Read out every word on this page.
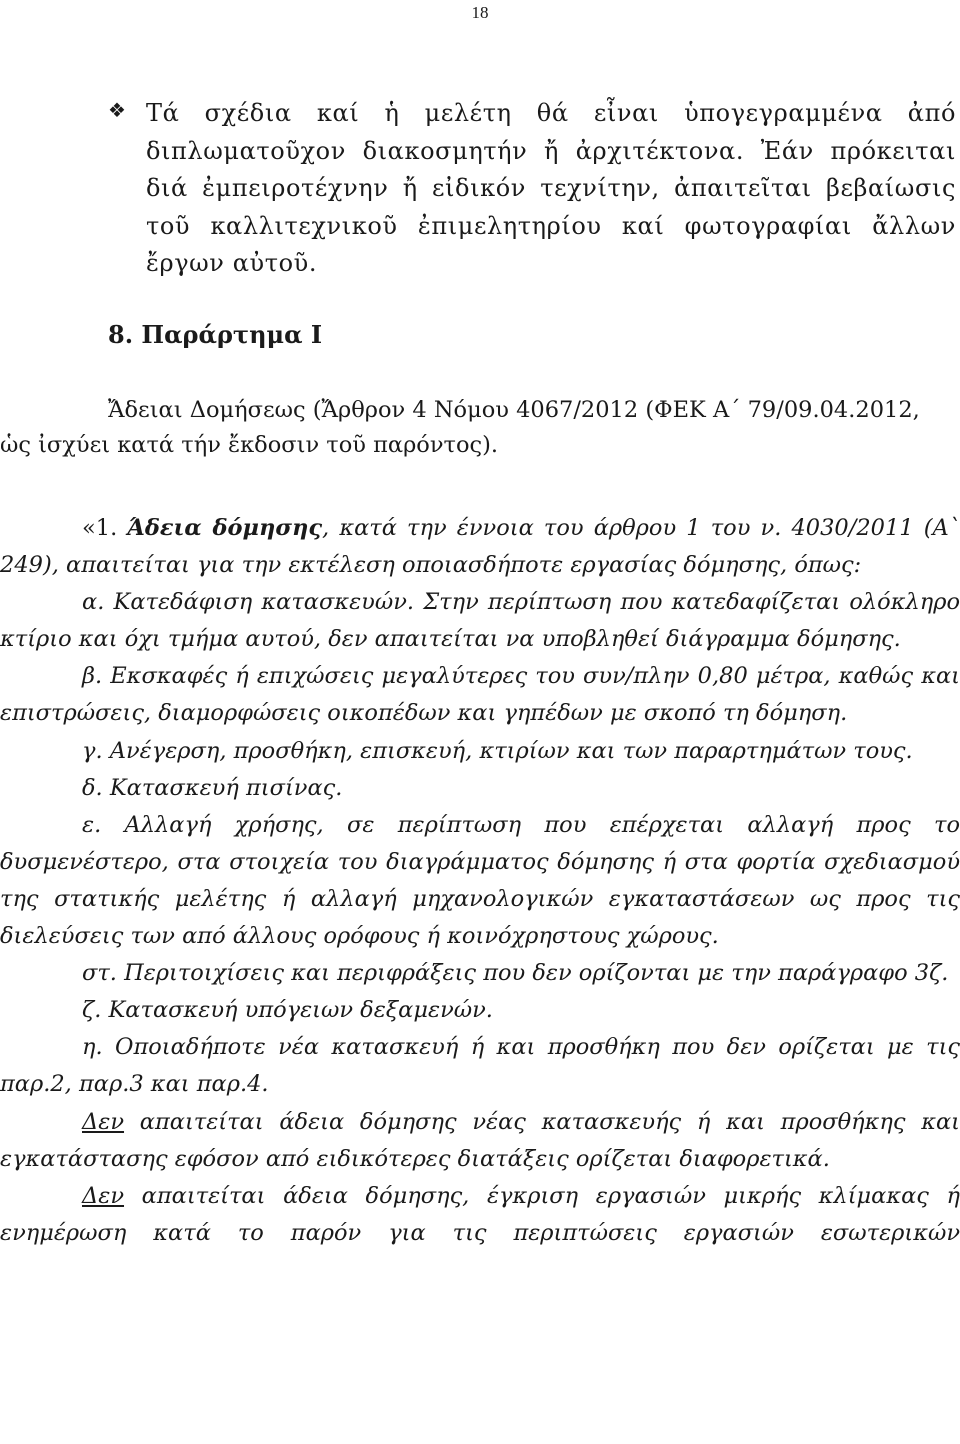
18
❖ Τά σχέδια καί ἡ μελέτη θά εἶναι ὑπογεγραμμένα ἀπό διπλωματοῦχον διακοσμητήν ἤ ἀρχιτέκτονα. Ἐάν πρόκειται διά ἐμπειροτέχνην ἤ εἰδικόν τεχνίτην, ἀπαιτεῖται βεβαίωσις τοῦ καλλιτεχνικοῦ ἐπιμελητηρίου καί φωτογραφίαι ἄλλων ἔργων αὐτοῦ.
8. Παράρτημα I

Ἄδειαι Δομήσεως (Ἄρθρον 4 Νόμου 4067/2012 (ΦΕΚ Α΄ 79/09.04.2012,

ὡς ἰσχύει κατά τήν ἔκδοσιν τοῦ παρόντος).

«1. Άδεια δόμησης, κατά την έννοια του άρθρου 1 του ν. 4030/2011 (Α` 249), απαιτείται για την εκτέλεση οποιασδήποτε εργασίας δόμησης, όπως:

α. Κατεδάφιση κατασκευών. Στην περίπτωση που κατεδαφίζεται ολόκληρο κτίριο και όχι τμήμα αυτού, δεν απαιτείται να υποβληθεί διάγραμμα δόμησης.

β. Εκσκαφές ή επιχώσεις μεγαλύτερες του συν/πλην 0,80 μέτρα, καθώς και επιστρώσεις, διαμορφώσεις οικοπέδων και γηπέδων με σκοπό τη δόμηση.

γ. Ανέγερση, προσθήκη, επισκευή, κτιρίων και των παραρτημάτων τους.

δ. Κατασκευή πισίνας.

ε. Αλλαγή χρήσης, σε περίπτωση που επέρχεται αλλαγή προς το δυσμενέστερο, στα στοιχεία του διαγράμματος δόμησης ή στα φορτία σχεδιασμού της στατικής μελέτης ή αλλαγή μηχανολογικών εγκαταστάσεων ως προς τις διελεύσεις των από άλλους ορόφους ή κοινόχρηστους χώρους.

στ. Περιτοιχίσεις και περιφράξεις που δεν ορίζονται με την παράγραφο 3ζ.

ζ. Κατασκευή υπόγειων δεξαμενών.

η. Οποιαδήποτε νέα κατασκευή ή και προσθήκη που δεν ορίζεται με τις παρ.2, παρ.3 και παρ.4.

Δεν απαιτείται άδεια δόμησης νέας κατασκευής ή και προσθήκης και εγκατάστασης εφόσον από ειδικότερες διατάξεις ορίζεται διαφορετικά.

Δεν απαιτείται άδεια δόμησης, έγκριση εργασιών μικρής κλίμακας ή ενημέρωση κατά το παρόν για τις περιπτώσεις εργασιών εσωτερικών
